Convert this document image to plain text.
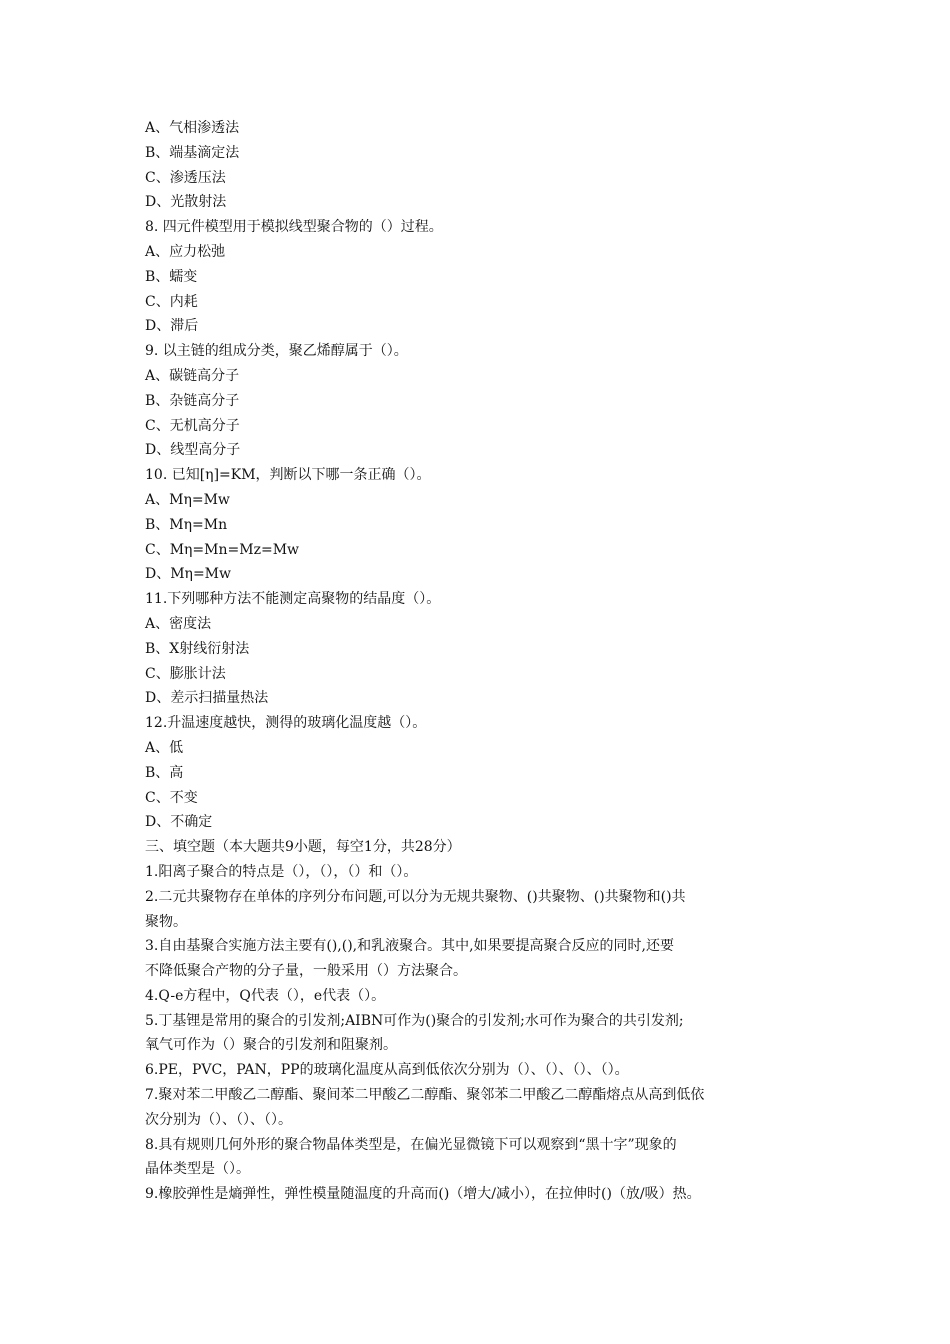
A、气相渗透法
B、端基滴定法
C、渗透压法
D、光散射法
8. 四元件模型用于模拟线型聚合物的（）过程。
A、应力松弛
B、蠕变
C、内耗
D、滞后
9. 以主链的组成分类，聚乙烯醇属于（）。
A、碳链高分子
B、杂链高分子
C、无机高分子
D、线型高分子
10. 已知[η]=KM，判断以下哪一条正确（）。
A、Mη=Mw
B、Mη=Mn
C、Mη=Mn=Mz=Mw
D、Mη=Mw
11.下列哪种方法不能测定高聚物的结晶度（）。
A、密度法
B、X射线衍射法
C、膨胀计法
D、差示扫描量热法
12.升温速度越快，测得的玻璃化温度越（）。
A、低
B、高
C、不变
D、不确定
三、填空题（本大题共9小题，每空1分，共28分）
1.阳离子聚合的特点是（），（），（）和（）。
2.二元共聚物存在单体的序列分布问题,可以分为无规共聚物、()共聚物、()共聚物和()共
聚物。
3.自由基聚合实施方法主要有(),(),和乳液聚合。其中,如果要提高聚合反应的同时,还要
不降低聚合产物的分子量，一般采用（）方法聚合。
4.Q-e方程中，Q代表（），e代表（）。
5.丁基锂是常用的聚合的引发剂;AIBN可作为()聚合的引发剂;水可作为聚合的共引发剂;
氧气可作为（）聚合的引发剂和阻聚剂。
6.PE，PVC，PAN，PP的玻璃化温度从高到低依次分别为（）、（）、（）、（）。
7.聚对苯二甲酸乙二醇酯、聚间苯二甲酸乙二醇酯、聚邻苯二甲酸乙二醇酯熔点从高到低依
次分别为（）、（）、（）。
8.具有规则几何外形的聚合物晶体类型是，在偏光显微镜下可以观察到“黑十字”现象的
晶体类型是（）。
9.橡胶弹性是熵弹性，弹性模量随温度的升高而()（增大/减小），在拉伸时()（放/吸）热。
